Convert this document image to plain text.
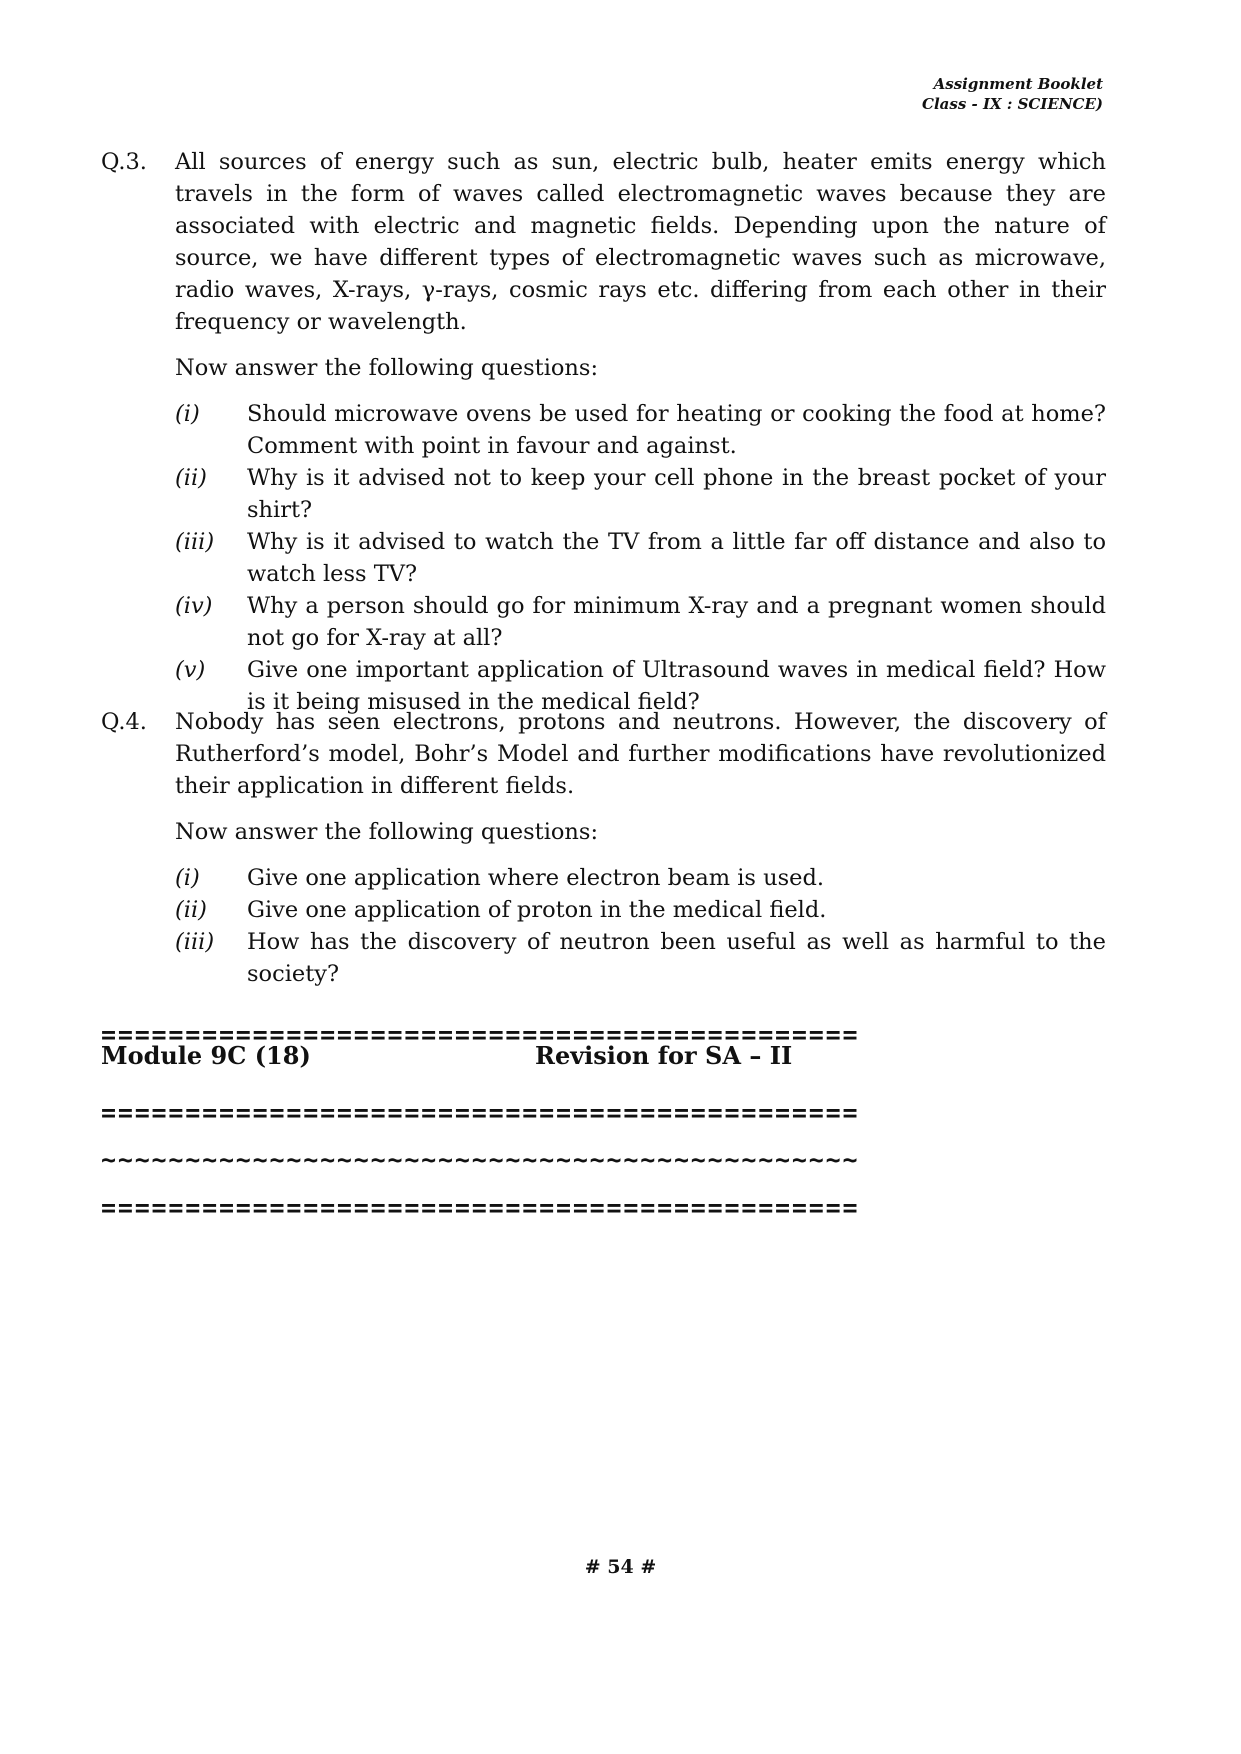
Assignment Booklet
Class - IX : SCIENCE)
Q.3. All sources of energy such as sun, electric bulb, heater emits energy which travels in the form of waves called electromagnetic waves because they are associated with electric and magnetic fields. Depending upon the nature of source, we have different types of electromagnetic waves such as microwave, radio waves, X-rays, γ-rays, cosmic rays etc. differing from each other in their frequency or wavelength.
Now answer the following questions:
(i) Should microwave ovens be used for heating or cooking the food at home? Comment with point in favour and against.
(ii) Why is it advised not to keep your cell phone in the breast pocket of your shirt?
(iii) Why is it advised to watch the TV from a little far off distance and also to watch less TV?
(iv) Why a person should go for minimum X-ray and a pregnant women should not go for X-ray at all?
(v) Give one important application of Ultrasound waves in medical field? How is it being misused in the medical field?
Q.4. Nobody has seen electrons, protons and neutrons. However, the discovery of Rutherford’s model, Bohr’s Model and further modifications have revolutionized their application in different fields.
Now answer the following questions:
(i) Give one application where electron beam is used.
(ii) Give one application of proton in the medical field.
(iii) How has the discovery of neutron been useful as well as harmful to the society?
=============================================
Module 9C (18)	Revision for SA – II
=============================================
~~~~~~~~~~~~~~~~~~~~~~~~~~~~~~~~~~~~~~~~~~~~~
=============================================
# 54 #
